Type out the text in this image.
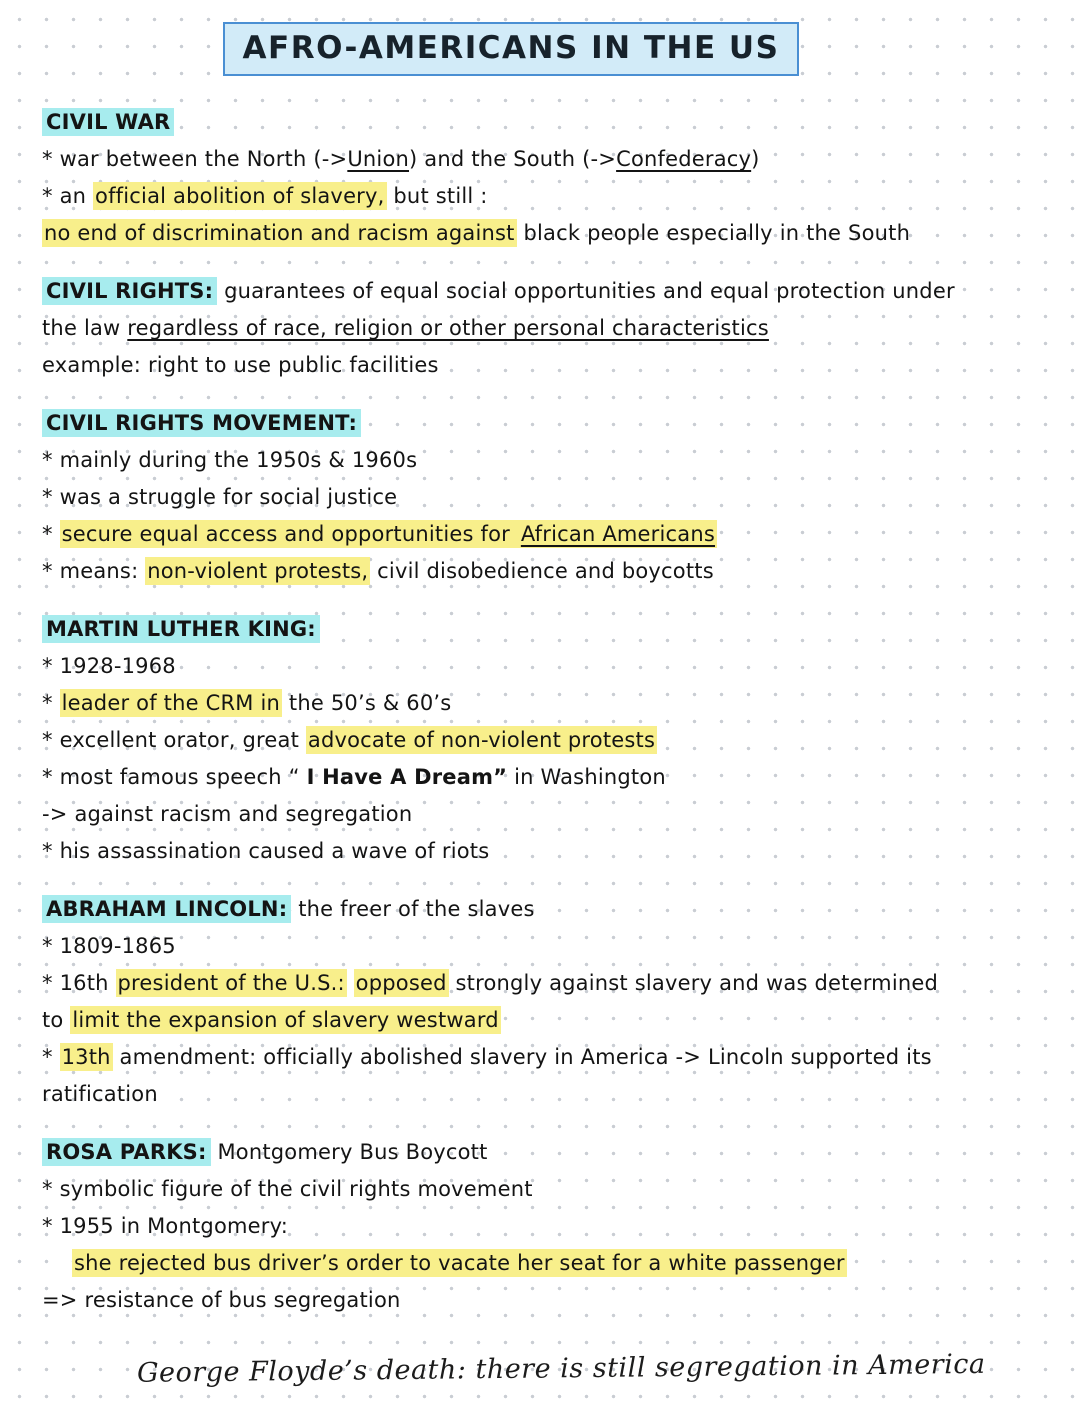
AFRO-AMERICANS IN THE US
CIVIL WAR
* war between the North (->Union) and the South (->Confederacy)
* an official abolition of slavery, but still :
no end of discrimination and racism against black people especially in the South
CIVIL RIGHTS: guarantees of equal social opportunities and equal protection under
the law regardless of race, religion or other personal characteristics
example: right to use public facilities
CIVIL RIGHTS MOVEMENT:
* mainly during the 1950s & 1960s
* was a struggle for social justice
* secure equal access and opportunities for African Americans
* means: non-violent protests, civil disobedience and boycotts
MARTIN LUTHER KING:
* 1928-1968
* leader of the CRM in the 50’s & 60’s
* excellent orator, great advocate of non-violent protests
* most famous speech “ I Have A Dream” in Washington
-> against racism and segregation
* his assassination caused a wave of riots
ABRAHAM LINCOLN: the freer of the slaves
* 1809-1865
* 16th president of the U.S.: opposed strongly against slavery and was determined
to limit the expansion of slavery westward
* 13th amendment: officially abolished slavery in America -> Lincoln supported its
ratification
ROSA PARKS: Montgomery Bus Boycott
* symbolic figure of the civil rights movement
* 1955 in Montgomery:
she rejected bus driver’s order to vacate her seat for a white passenger
=> resistance of bus segregation
George Floyde’s death: there is still segregation in America
